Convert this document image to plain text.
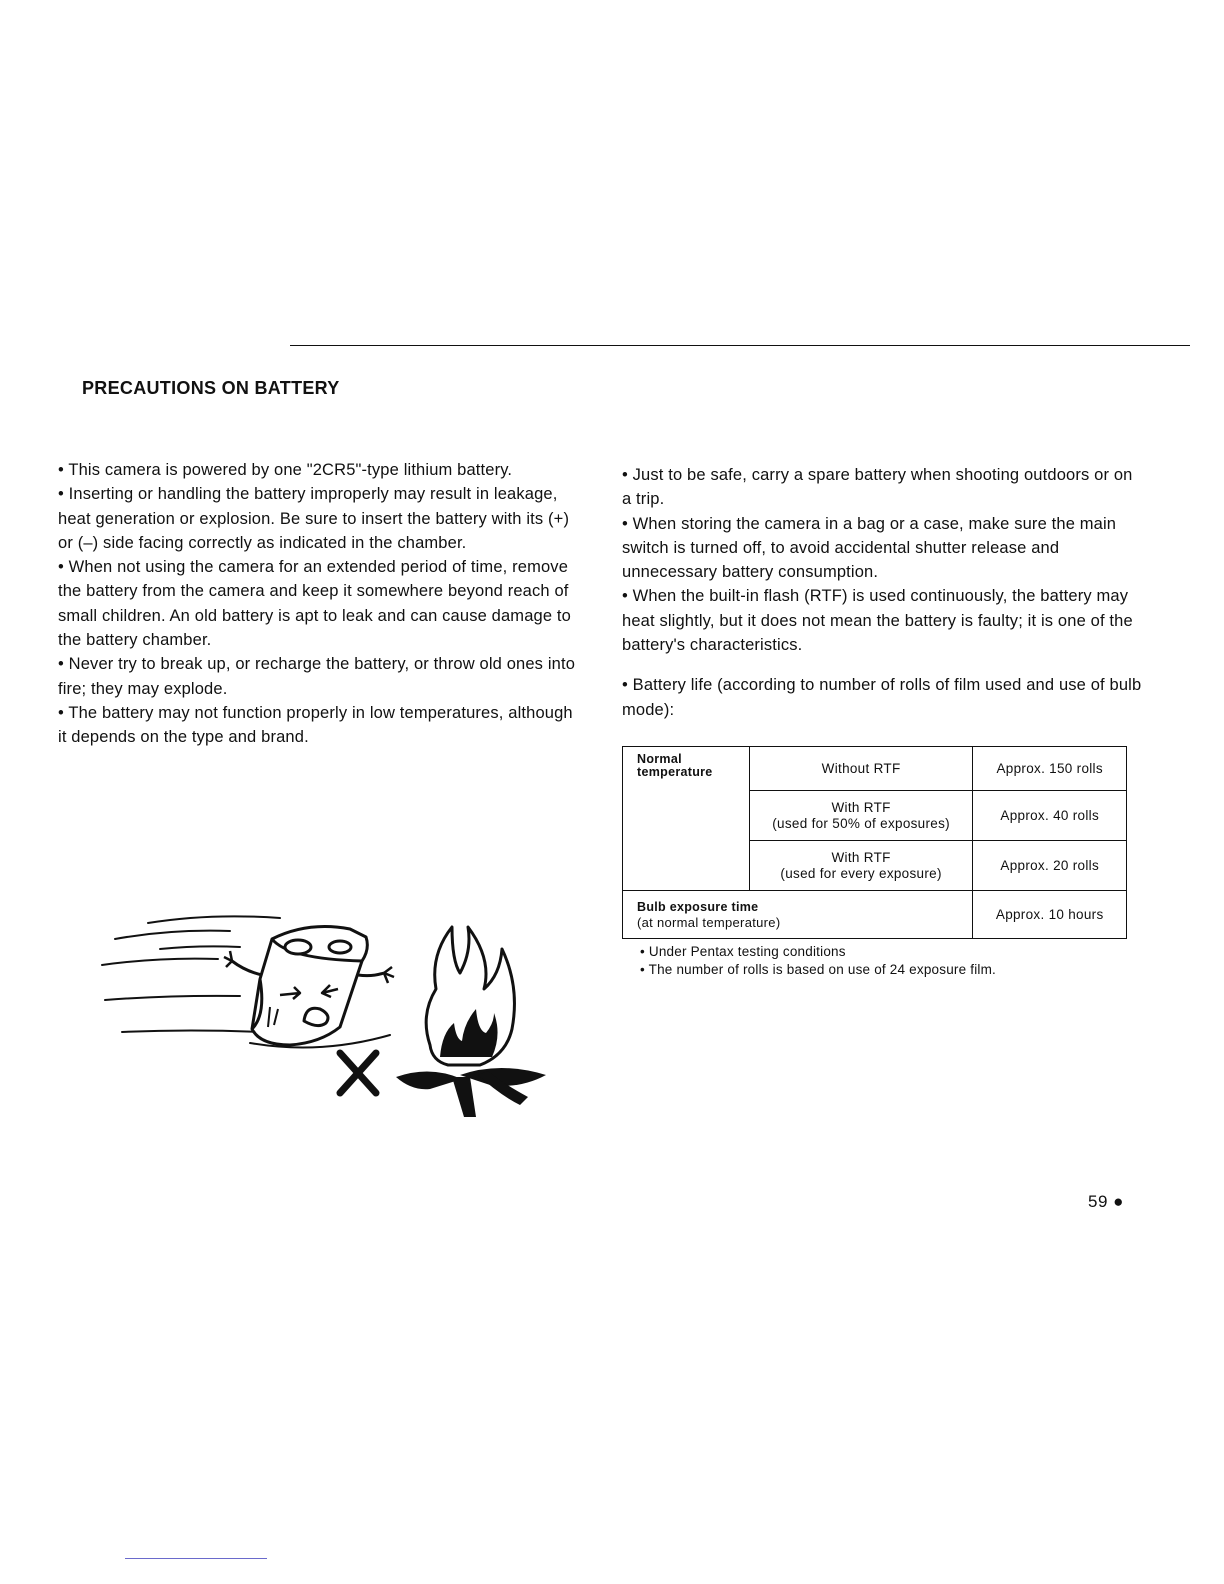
PRECAUTIONS ON BATTERY

• This camera is powered by one "2CR5"-type lithium battery.

• Inserting or handling the battery improperly may result in leakage, heat generation or explosion. Be sure to insert the battery with its (+) or (–) side facing correctly as indicated in the chamber.

• When not using the camera for an extended period of time, remove the battery from the camera and keep it somewhere beyond reach of small children. An old battery is apt to leak and can cause damage to the battery chamber.

• Never try to break up, or recharge the battery, or throw old ones into fire; they may explode.

• The battery may not function properly in low temperatures, although it depends on the type and brand.

• Just to be safe, carry a spare battery when shooting outdoors or on a trip.

• When storing the camera in a bag or a case, make sure the main switch is turned off, to avoid accidental shutter release and unnecessary battery consumption.

• When the built-in flash (RTF) is used continuously, the battery may heat slightly, but it does not mean the battery is faulty; it is one of the battery's characteristics.

• Battery life (according to number of rolls of film used and use of bulb mode):

Normal temperature	Without RTF	Approx. 150 rolls

	With RTF
(used for 50% of exposures)	Approx. 40 rolls

	With RTF
(used for every exposure)	Approx. 20 rolls

Bulb exposure time
(at normal temperature)		Approx. 10 hours

• Under Pentax testing conditions

• The number of rolls is based on use of 24 exposure film.

59 ●
